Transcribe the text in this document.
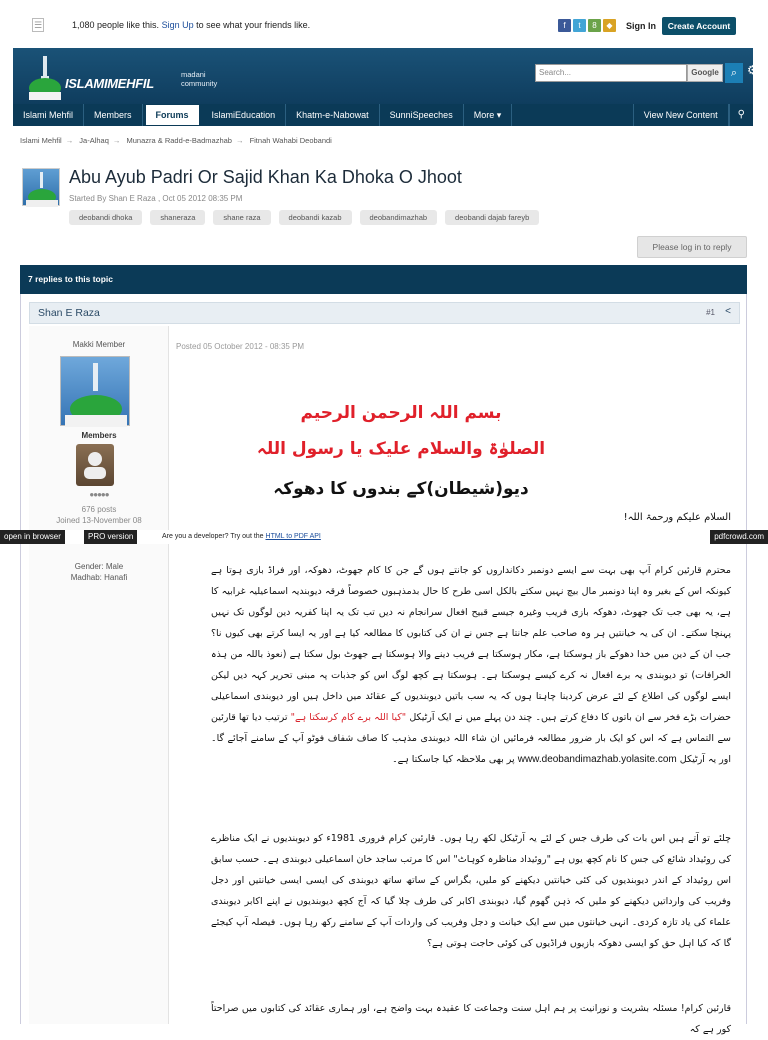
☰	1,080 people like this. Sign Up to see what your friends like.	f	t	8	◆	Sign In	Create Account
ISLAMIMEHFIL
madani
community
Search...	Google	⌕ ⚙
Islami Mehfil	Members	Forums	IslamiEducation	Khatm-e-Nabowat	SunniSpeeches	More ▾	View New Content	⚲
Islami Mehfil → Ja-Alhaq → Munazra & Radd-e-Badmazhab → Fitnah Wahabi Deobandi
Abu Ayub Padri Or Sajid Khan Ka Dhoka O Jhoot
Started By Shan E Raza , Oct 05 2012 08:35 PM
deobandi dhoka	shaneraza	shane raza	deobandi kazab	deobandimazhab	deobandi dajab fareyb
Please log in to reply
7 replies to this topic
Shan E Raza	#1 <
Makki Member
Members
●●●●●
676 posts
Joined 13-November 08
Gender: Male
Madhab: Hanafi
Posted 05 October 2012 - 08:35 PM
بسم اللہ الرحمن الرحیم
الصلوٰۃ والسلام علیک یا رسول اللہ
دیو(شیطان)کے بندوں کا دھوکہ
السلام علیکم ورحمۃ اللہ!
محترم قارئین کرام آپ بھی بہت سے ایسے دونمبر دکانداروں کو جانتے ہوں گے جن کا کام جھوٹ، دھوکہ، اور فراڈ بازی ہوتا ہے کیونکہ اس کے بغیر وہ اپنا دونمبر مال بیچ نہیں سکتے بالکل اسی طرح کا حال بدمذہبوں خصوصاً فرقہ دیوبندیہ اسماعیلیہ غرابیہ کا ہے، یہ بھی جب تک جھوٹ، دھوکہ بازی فریب وغیرہ جیسے قبیح افعال سرانجام نہ دیں تب تک یہ اپنا کفریہ دین لوگوں تک نہیں پہنچا سکتے۔ ان کی یہ خیانتیں ہر وہ صاحب علم جانتا ہے جس نے ان کی کتابوں کا مطالعہ کیا ہے اور یہ ایسا کرتے بھی کیوں نا؟ جب ان کے دین میں خدا دھوکے باز ہوسکتا ہے، مکار ہوسکتا ہے فریب دینے والا ہوسکتا ہے جھوٹ بول سکتا ہے (نعوذ باللہ من ہذہ الخرافات) تو دیوبندی یہ برے افعال نہ کرے کیسے ہوسکتا ہے۔ ہوسکتا ہے کچھ لوگ اس کو جذبات پہ مبنی تحریر کہہ دیں لیکن ایسے لوگوں کی اطلاع کے لئے عرض کردینا چاہتا ہوں کہ یہ سب باتیں دیوبندیوں کے عقائد میں داخل ہیں اور دیوبندی اسماعیلی حضرات بڑے فخر سے ان باتوں کا دفاع کرتے ہیں۔ چند دن پہلے میں نے ایک آرٹیکل "کیا اللہ برے کام کرسکتا ہے" ترتیب دیا تھا قارئین سے التماس ہے کہ اس کو ایک بار ضرور مطالعہ فرمائیں ان شاء اللہ دیوبندی مذہب کا صاف شفاف فوٹو آپ کے سامنے آجائے گا۔ اور یہ آرٹیکل www.deobandimazhab.yolasite.com پر بھی ملاحظہ کیا جاسکتا ہے۔
چلئے تو آتے ہیں اس بات کی طرف جس کے لئے یہ آرٹیکل لکھ رہا ہوں۔ قارئین کرام فروری 1981ء کو دیوبندیوں نے ایک مناظرے کی روئیداد شائع کی جس کا نام کچھ یوں ہے "روئیداد مناظرہ کوہاٹ" اس کا مرتب ساجد خان اسماعیلی دیوبندی ہے۔ حسب سابق اس روئیداد کے اندر دیوبندیوں کی کئی خیانتیں دیکھنے کو ملیں، بگراس کے ساتھ ساتھ دیوبندی کی ایسی ایسی خیانتیں اور دجل وفریب کی وارداتیں دیکھنے کو ملیں کہ ذہن گھوم گیا، دیوبندی اکابر کی طرف چلا گیا کہ آج کچھ دیوبندیوں نے اپنے اکابر دیوبندی علماء کی یاد تازہ کردی۔ انہی خیانتوں میں سے ایک خیانت و دجل وفریب کی واردات آپ کے سامنے رکھ رہا ہوں۔ فیصلہ آپ کیجئے گا کہ کیا اہل حق کو ایسی دھوکہ بازیوں فراڈیوں کی کوئی حاجت ہوتی ہے؟
قارئین کرام! مسئلہ بشریت و نورانیت پر ہم اہل سنت وجماعت کا عقیدہ بہت واضح ہے، اور ہماری عقائد کی کتابوں میں صراحتاً کور ہے کہ
open in browser	PRO version	Are you a developer? Try out the HTML to PDF API	pdfcrowd.com
